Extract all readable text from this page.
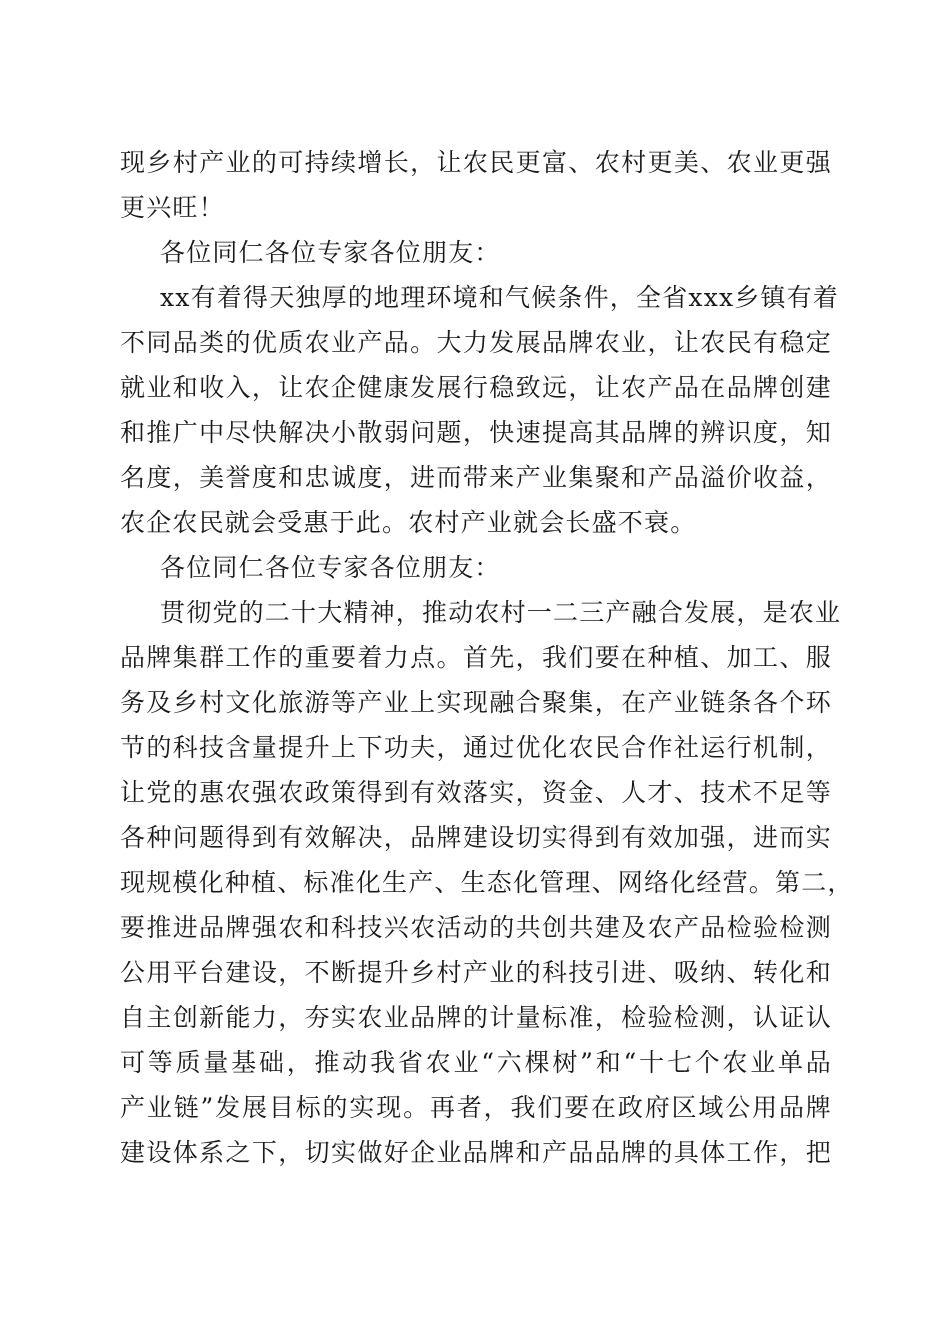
现乡村产业的可持续增长，让农民更富、农村更美、农业更强
更兴旺！
各位同仁各位专家各位朋友：
xx有着得天独厚的地理环境和气候条件，全省xxx乡镇有着
不同品类的优质农业产品。大力发展品牌农业，让农民有稳定
就业和收入，让农企健康发展行稳致远，让农产品在品牌创建
和推广中尽快解决小散弱问题，快速提高其品牌的辨识度，知
名度，美誉度和忠诚度，进而带来产业集聚和产品溢价收益，
农企农民就会受惠于此。农村产业就会长盛不衰。
各位同仁各位专家各位朋友：
贯彻党的二十大精神，推动农村一二三产融合发展，是农业
品牌集群工作的重要着力点。首先，我们要在种植、加工、服
务及乡村文化旅游等产业上实现融合聚集，在产业链条各个环
节的科技含量提升上下功夫，通过优化农民合作社运行机制，
让党的惠农强农政策得到有效落实，资金、人才、技术不足等
各种问题得到有效解决，品牌建设切实得到有效加强，进而实
现规模化种植、标准化生产、生态化管理、网络化经营。第二，
要推进品牌强农和科技兴农活动的共创共建及农产品检验检测
公用平台建设，不断提升乡村产业的科技引进、吸纳、转化和
自主创新能力，夯实农业品牌的计量标准，检验检测，认证认
可等质量基础，推动我省农业“六棵树”和“十七个农业单品
产业链”发展目标的实现。再者，我们要在政府区域公用品牌
建设体系之下，切实做好企业品牌和产品品牌的具体工作，把
